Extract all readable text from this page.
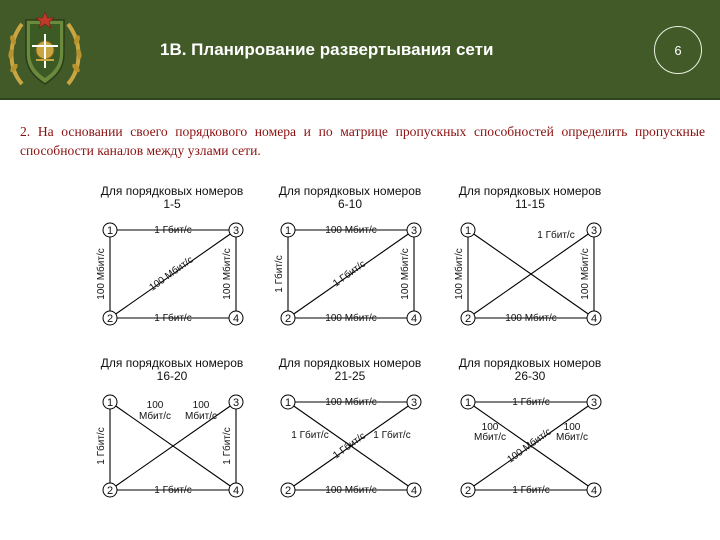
1В. Планирование развертывания сети	6
2. На основании своего порядкового номера и по матрице пропускных способностей определить пропускные способности каналов между узлами сети.
Для порядковых номеров
1-5
1 Гбит/с
1 Гбит/с
100 Мбит/с	100 Мбит/с
100 Мбит/с
1
2
3
4
Для порядковых номеров
6-10
100 Мбит/с
100 Мбит/с
1 Гбит/с	100 Мбит/с
1 Гбит/с
1
2
3
4
Для порядковых номеров
11-15
100 Мбит/с
100 Мбит/с	100 Мбит/с
1 Гбит/с
1
2
3
4
Для порядковых номеров
16-20
1 Гбит/с
1 Гбит/с	1 Гбит/с
100
100
Мбит/с Мбит/с
1
2
3
4
Для порядковых номеров
21-25
100 Мбит/с
100 Мбит/с
1 Гбит/с
1 Гбит/с	1 Гбит/с
1
2
3
4
Для порядковых номеров
26-30
1 Гбит/с
1 Гбит/с
100 Мбит/с
100
Мбит/с
100
Мбит/с
1
2
3
4
